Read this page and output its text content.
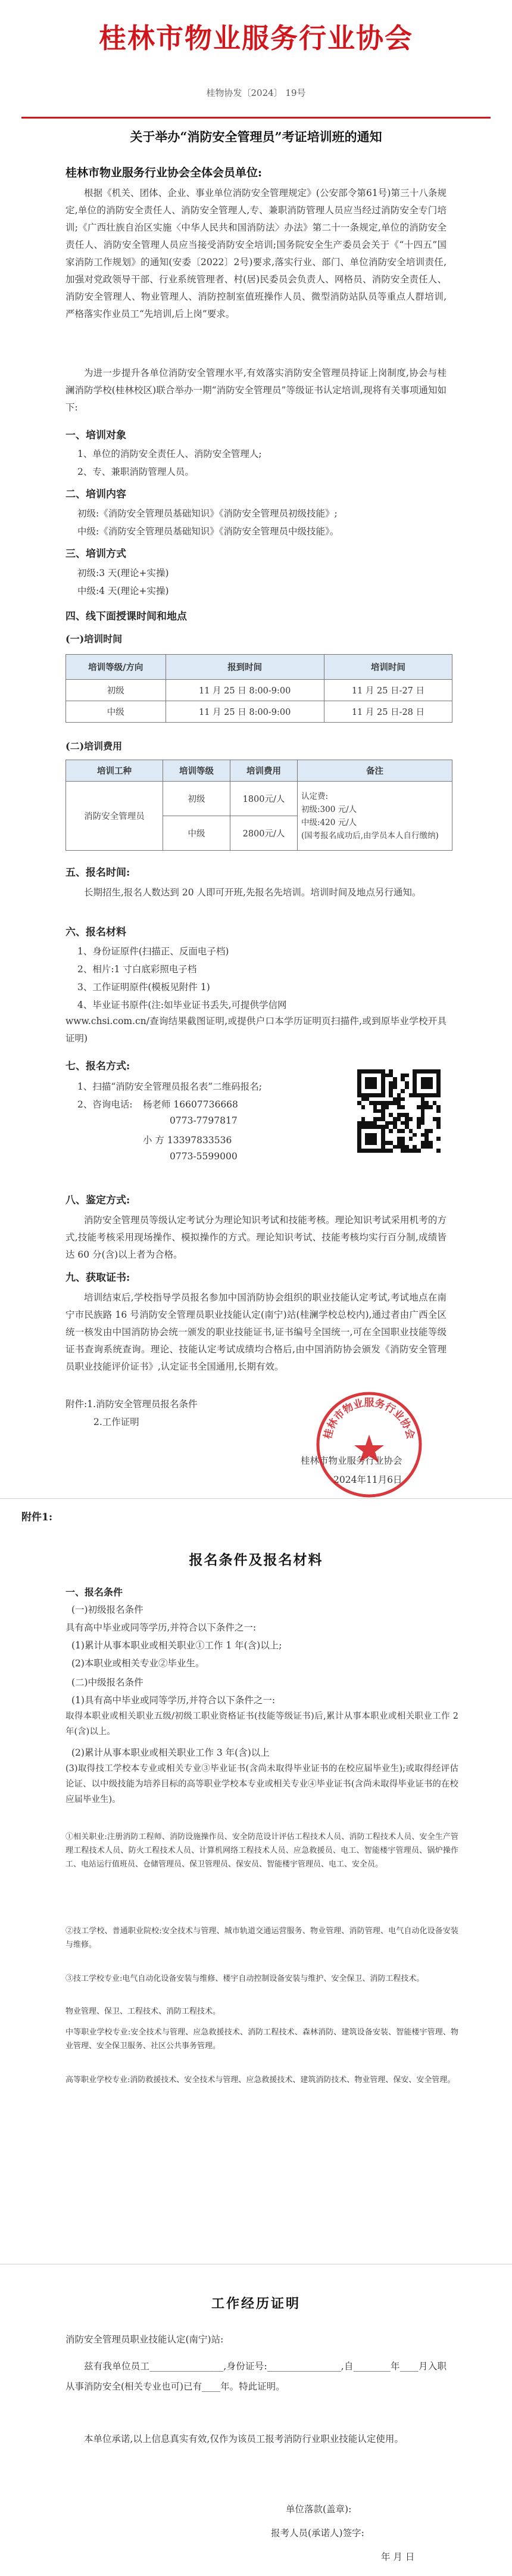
桂林市物业服务行业协会
桂物协发〔2024〕 19号
关于举办“消防安全管理员”考证培训班的通知
桂林市物业服务行业协会全体会员单位:
根据《机关、团体、企业、事业单位消防安全管理规定》(公安部令第61号)第三十八条规定,单位的消防安全责任人、消防安全管理人,专、兼职消防管理人员应当经过消防安全专门培训;《广西壮族自治区实施〈中华人民共和国消防法〉办法》第二十一条规定,单位的消防安全责任人、消防安全管理人员应当接受消防安全培训;国务院安全生产委员会关于《“十四五”国家消防工作规划》的通知(安委〔2022〕2号)要求,落实行业、部门、单位消防安全培训责任,加强对党政领导干部、行业系统管理者、村(居)民委员会负责人、网格员、消防安全责任人、消防安全管理人、物业管理人、消防控制室值班操作人员、微型消防站队员等重点人群培训,严格落实作业员工“先培训,后上岗”要求。
为进一步提升各单位消防安全管理水平,有效落实消防安全管理员持证上岗制度,协会与桂澜消防学校(桂林校区)联合举办一期“消防安全管理员”等级证书认定培训,现将有关事项通知如下:
一、培训对象
1、单位的消防安全责任人、消防安全管理人;
2、专、兼职消防管理人员。
二、培训内容
初级:《消防安全管理员基础知识》《消防安全管理员初级技能》;
中级:《消防安全管理员基础知识》《消防安全管理员中级技能》。
三、培训方式
初级:3 天(理论+实操)
中级:4 天(理论+实操)
四、线下面授课时间和地点
(一)培训时间
培训等级/方向	报到时间	培训时间
初级	11 月 25 日 8:00-9:00	11 月 25 日-27 日
中级	11 月 25 日 8:00-9:00	11 月 25 日-28 日
(二)培训费用
培训工种	培训等级	培训费用	备注
消防安全管理员	初级	1800元/人	认定费:
初级:300 元/人
中级:420 元/人
(国考报名成功后,由学员本人自行缴纳)
	中级	2800元/人	
五、报名时间:
长期招生,报名人数达到 20 人即可开班,先报名先培训。培训时间及地点另行通知。
六、报名材料
1、身份证原件(扫描正、反面电子档)
2、相片:1 寸白底彩照电子档
3、工作证明原件(模板见附件 1)
4、毕业证书原件(注:如毕业证书丢失,可提供学信网
www.chsi.com.cn/查询结果截图证明,或提供户口本学历证明页扫描件,或到原毕业学校开具证明)
七、报名方式:
1、扫描“消防安全管理员报名表”二维码报名;
2、咨询电话: 杨老师 16607736668
0773-7797817
小 方 13397833536
0773-5599000
八、鉴定方式:
消防安全管理员等级认定考试分为理论知识考试和技能考核。理论知识考试采用机考的方式,技能考核采用现场操作、模拟操作的方式。理论知识考试、技能考核均实行百分制,成绩皆达 60 分(含)以上者为合格。
九、获取证书:
培训结束后,学校指导学员报名参加中国消防协会组织的职业技能认定考试,考试地点在南宁市民族路 16 号消防安全管理员职业技能认定(南宁)站(桂澜学校总校内),通过者由广西全区统一核发由中国消防协会统一颁发的职业技能证书,证书编号全国统一,可在全国职业技能等级证书查询系统查询。理论、技能认定考试成绩均合格后,由中国消防协会颁发《消防安全管理员职业技能评价证书》,认定证书全国通用,长期有效。
附件:1.消防安全管理员报名条件
2.工作证明
桂林市物业服务行业协会
2024年11月6日
桂林市物业服务行业协会
附件1:
报名条件及报名材料
一、报名条件
(一)初级报名条件
具有高中毕业或同等学历,并符合以下条件之一:
(1)累计从事本职业或相关职业①工作 1 年(含)以上;
(2)本职业或相关专业②毕业生。
(二)中级报名条件
(1)具有高中毕业或同等学历,并符合以下条件之一:
取得本职业或相关职业五级/初级工职业资格证书(技能等级证书)后,累计从事本职业或相关职业工作 2 年(含)以上。
(2)累计从事本职业或相关职业工作 3 年(含)以上
(3)取得技工学校本专业或相关专业③毕业证书(含尚未取得毕业证书的在校应届毕业生);或取得经评估论证、以中级技能为培养目标的高等职业学校本专业或相关专业④毕业证书(含尚未取得毕业证书的在校应届毕业生)。
①相关职业:注册消防工程师、消防设施操作员、安全防范设计评估工程技术人员、消防工程技术人员、安全生产管理工程技术人员、防火工程技术人员、计算机网络工程技术人员、应急救援员、电工、智能楼宇管理员、锅炉操作工、电站运行值班员、仓储管理员、保卫管理员、保安员、智能楼宇管理员、电工、安全员。
②技工学校、普通职业院校:安全技术与管理、城市轨道交通运营服务、物业管理、消防管理、电气自动化设备安装与维修。
③技工学校专业:电气自动化设备安装与维修、楼宇自动控制设备安装与维护、安全保卫、消防工程技术。
物业管理、保卫、工程技术、消防工程技术。
中等职业学校专业:安全技术与管理、应急救援技术、消防工程技术、森林消防、建筑设备安装、智能楼宇管理、物业管理、安全保卫服务、社区公共事务管理。
高等职业学校专业:消防救援技术、安全技术与管理、应急救援技术、建筑消防技术、物业管理、保安、安全管理。
工作经历证明
消防安全管理员职业技能认定(南宁)站:
兹有我单位员工________________,身份证号:________________,自________年____月入职从事消防安全(相关专业也可)已有____年。特此证明。
本单位承诺,以上信息真实有效,仅作为该员工报考消防行业职业技能认定使用。
单位落款(盖章):
报考人员(承诺人)签字:
年 月 日
